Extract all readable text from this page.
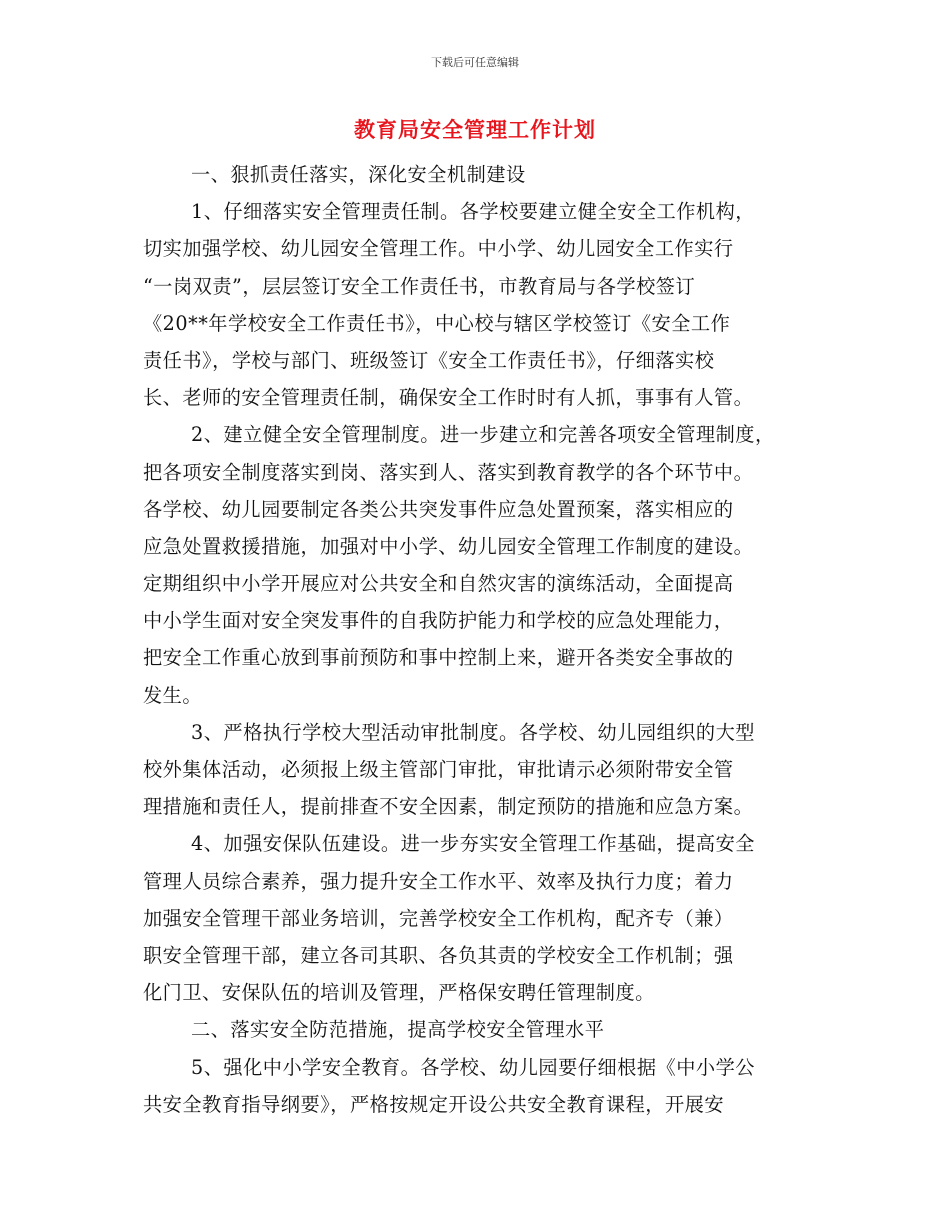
下载后可任意编辑
教育局安全管理工作计划
一、狠抓责任落实，深化安全机制建设
1、仔细落实安全管理责任制。各学校要建立健全安全工作机构，
切实加强学校、幼儿园安全管理工作。中小学、幼儿园安全工作实行
“一岗双责”，层层签订安全工作责任书，市教育局与各学校签订
《20**年学校安全工作责任书》，中心校与辖区学校签订《安全工作
责任书》，学校与部门、班级签订《安全工作责任书》，仔细落实校
长、老师的安全管理责任制，确保安全工作时时有人抓，事事有人管。
2、建立健全安全管理制度。进一步建立和完善各项安全管理制度，
把各项安全制度落实到岗、落实到人、落实到教育教学的各个环节中。
各学校、幼儿园要制定各类公共突发事件应急处置预案，落实相应的
应急处置救援措施，加强对中小学、幼儿园安全管理工作制度的建设。
定期组织中小学开展应对公共安全和自然灾害的演练活动，全面提高
中小学生面对安全突发事件的自我防护能力和学校的应急处理能力，
把安全工作重心放到事前预防和事中控制上来，避开各类安全事故的
发生。
3、严格执行学校大型活动审批制度。各学校、幼儿园组织的大型
校外集体活动，必须报上级主管部门审批，审批请示必须附带安全管
理措施和责任人，提前排查不安全因素，制定预防的措施和应急方案。
4、加强安保队伍建设。进一步夯实安全管理工作基础，提高安全
管理人员综合素养，强力提升安全工作水平、效率及执行力度；着力
加强安全管理干部业务培训，完善学校安全工作机构，配齐专（兼）
职安全管理干部，建立各司其职、各负其责的学校安全工作机制；强
化门卫、安保队伍的培训及管理，严格保安聘任管理制度。
二、落实安全防范措施，提高学校安全管理水平
5、强化中小学安全教育。各学校、幼儿园要仔细根据《中小学公
共安全教育指导纲要》，严格按规定开设公共安全教育课程，开展安
